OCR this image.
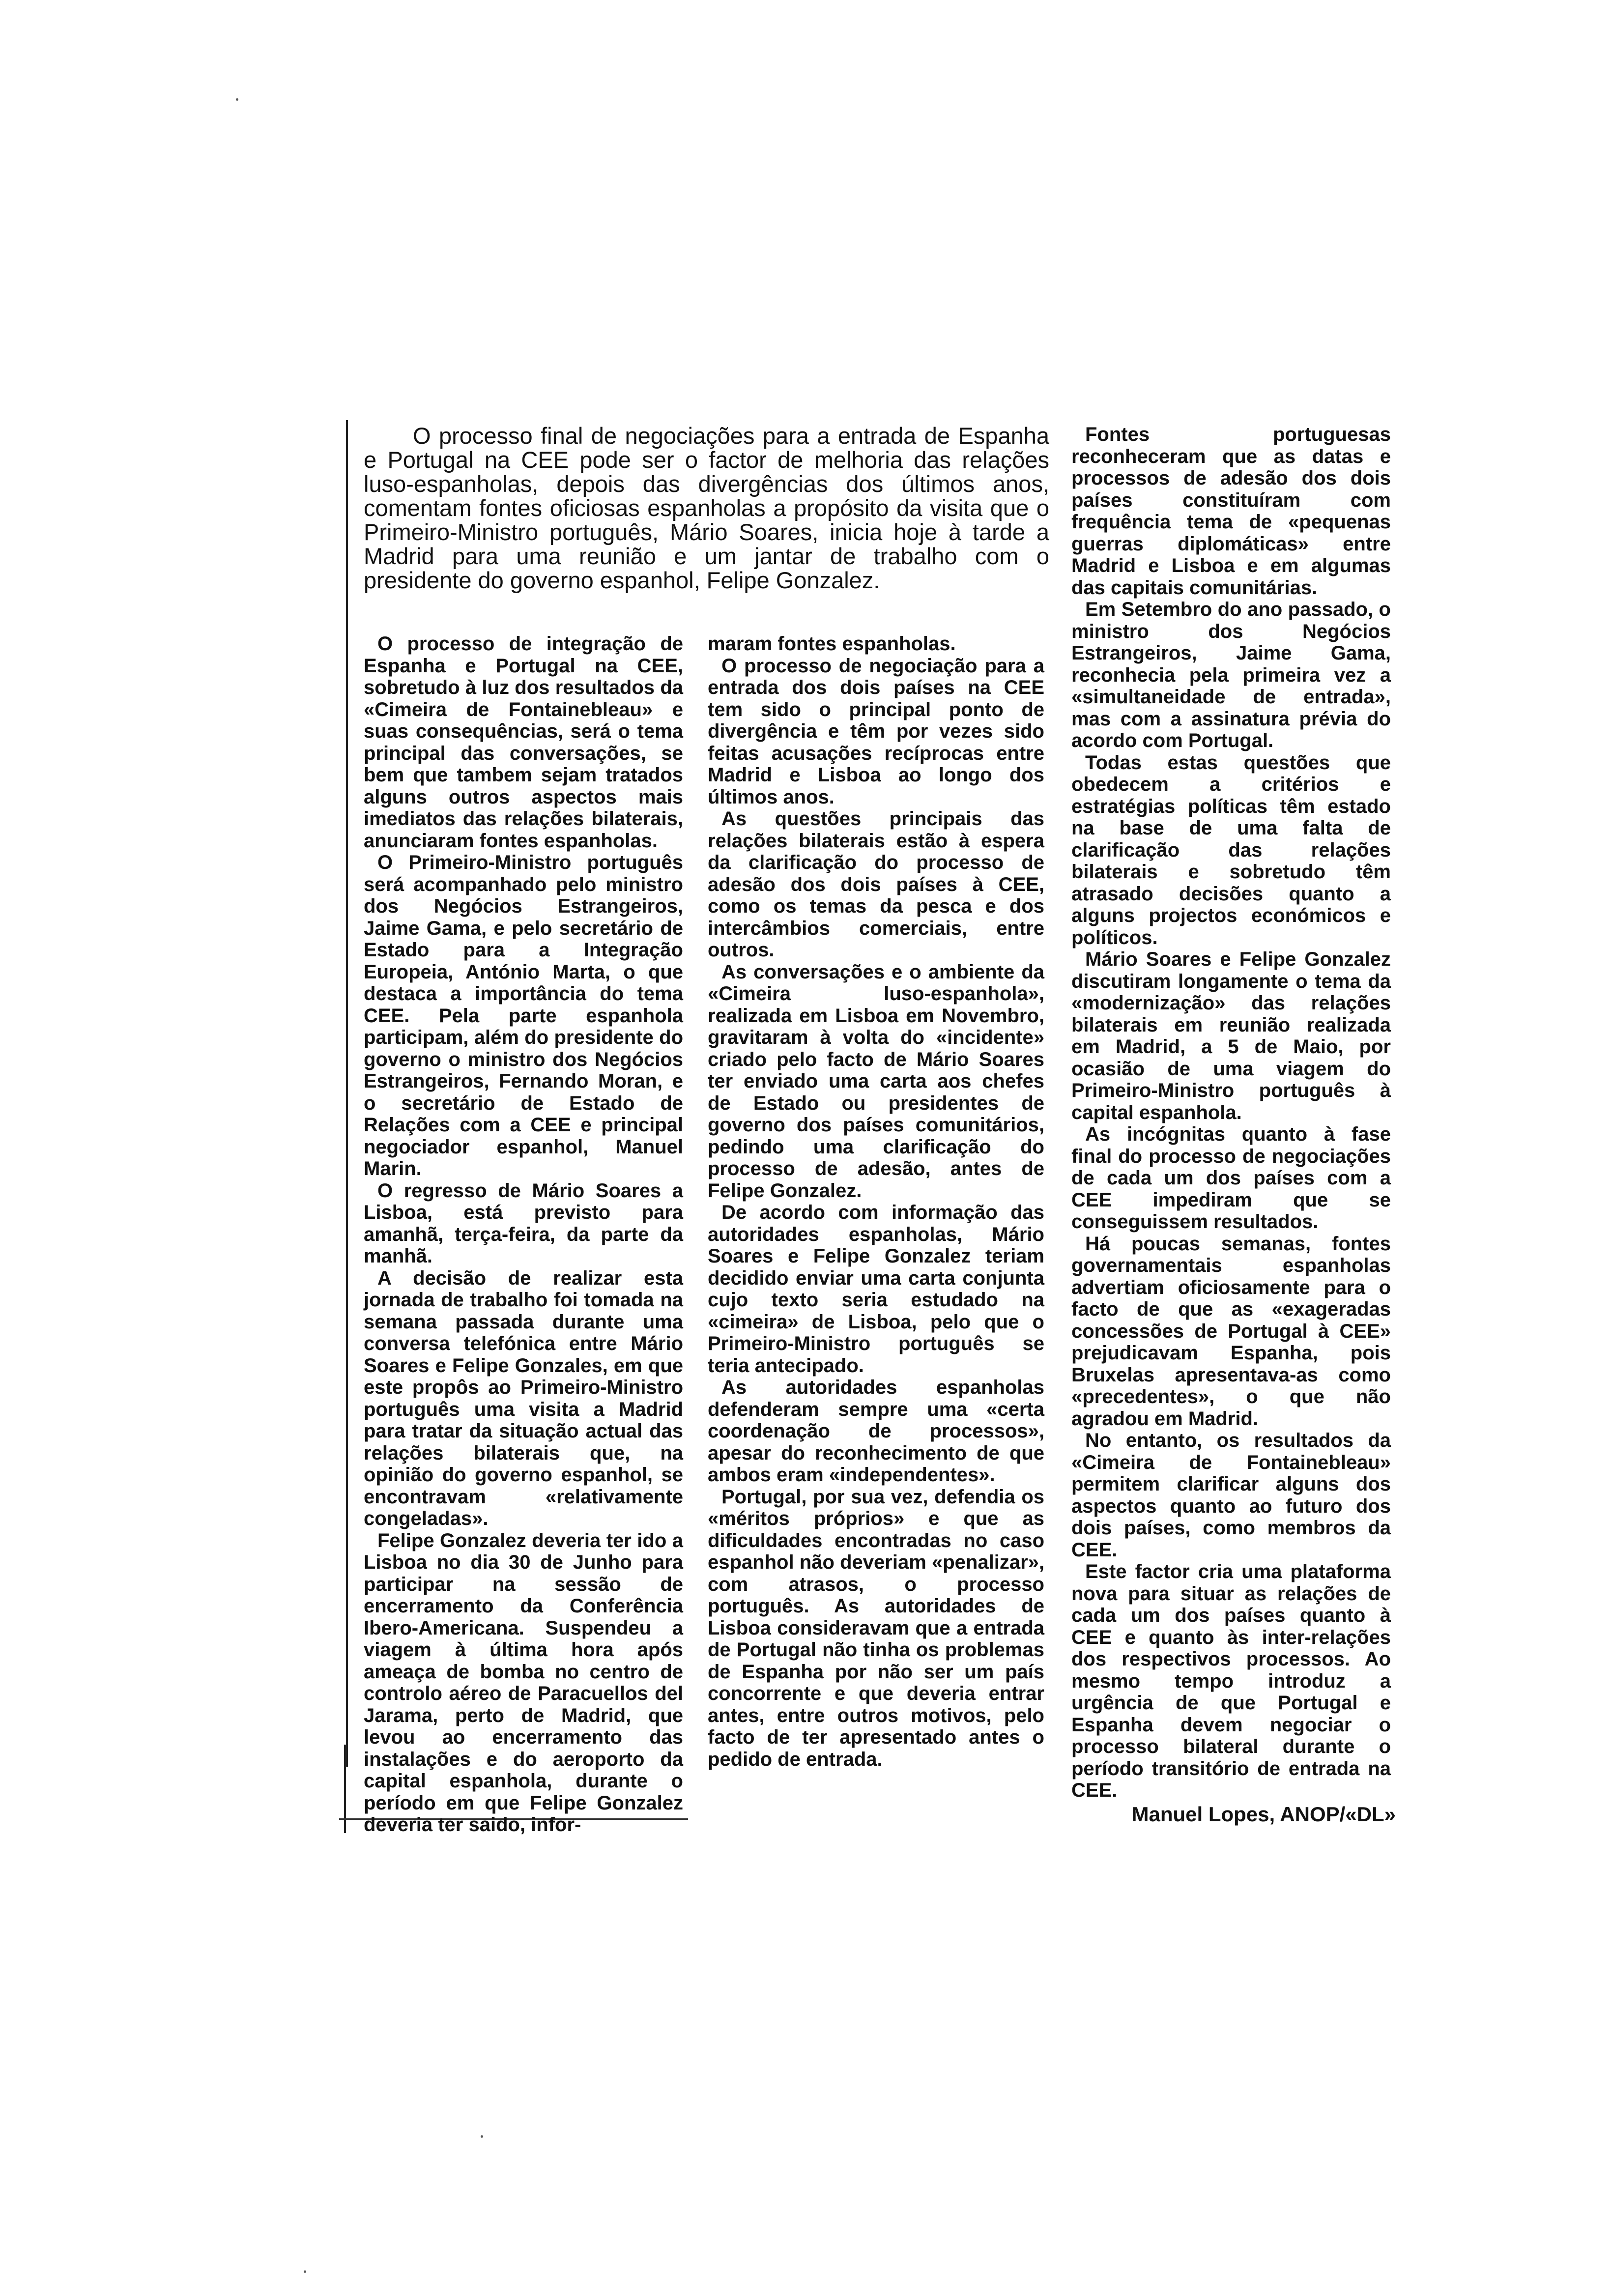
O processo final de negociações para a entrada de Espanha e Portugal na CEE pode ser o factor de melhoria das relações luso-espanholas, depois das divergências dos últimos anos, comentam fontes oficiosas espanholas a propósito da visita que o Primeiro-Ministro português, Mário Soares, inicia hoje à tarde a Madrid para uma reunião e um jantar de trabalho com o presidente do governo espanhol, Felipe Gonzalez.

O processo de integração de Espanha e Portugal na CEE, sobretudo à luz dos resultados da «Cimeira de Fontainebleau» e suas consequências, será o tema principal das conversações, se bem que tambem sejam tratados alguns outros aspectos mais imediatos das relações bilaterais, anunciaram fontes espanholas.

O Primeiro-Ministro português será acompanhado pelo ministro dos Negócios Estrangeiros, Jaime Gama, e pelo secretário de Estado para a Integração Europeia, António Marta, o que destaca a importância do tema CEE. Pela parte espanhola participam, além do presidente do governo o ministro dos Negócios Estrangeiros, Fernando Moran, e o secretário de Estado de Relações com a CEE e principal negociador espanhol, Manuel Marin.

O regresso de Mário Soares a Lisboa, está previsto para amanhã, terça-feira, da parte da manhã.

A decisão de realizar esta jornada de trabalho foi tomada na semana passada durante uma conversa telefónica entre Mário Soares e Felipe Gonzales, em que este propôs ao Primeiro-Ministro português uma visita a Madrid para tratar da situação actual das relações bilaterais que, na opinião do governo espanhol, se encontravam «relativamente congeladas».

Felipe Gonzalez deveria ter ido a Lisboa no dia 30 de Junho para participar na sessão de encerramento da Conferência Ibero-Americana. Suspendeu a viagem à última hora após ameaça de bomba no centro de controlo aéreo de Paracuellos del Jarama, perto de Madrid, que levou ao encerramento das instalações e do aeroporto da capital espanhola, durante o período em que Felipe Gonzalez deveria ter saido, infor-

maram fontes espanholas.

O processo de negociação para a entrada dos dois países na CEE tem sido o principal ponto de divergência e têm por vezes sido feitas acusações recíprocas entre Madrid e Lisboa ao longo dos últimos anos.

As questões principais das relações bilaterais estão à espera da clarificação do processo de adesão dos dois países à CEE, como os temas da pesca e dos intercâmbios comerciais, entre outros.

As conversações e o ambiente da «Cimeira luso-espanhola», realizada em Lisboa em Novembro, gravitaram à volta do «incidente» criado pelo facto de Mário Soares ter enviado uma carta aos chefes de Estado ou presidentes de governo dos países comunitários, pedindo uma clarificação do processo de adesão, antes de Felipe Gonzalez.

De acordo com informação das autoridades espanholas, Mário Soares e Felipe Gonzalez teriam decidido enviar uma carta conjunta cujo texto seria estudado na «cimeira» de Lisboa, pelo que o Primeiro-Ministro português se teria antecipado.

As autoridades espanholas defenderam sempre uma «certa coordenação de processos», apesar do reconhecimento de que ambos eram «independentes».

Portugal, por sua vez, defendia os «méritos próprios» e que as dificuldades encontradas no caso espanhol não deveriam «penalizar», com atrasos, o processo português. As autoridades de Lisboa consideravam que a entrada de Portugal não tinha os problemas de Espanha por não ser um país concorrente e que deveria entrar antes, entre outros motivos, pelo facto de ter apresentado antes o pedido de entrada.

Fontes portuguesas reconheceram que as datas e processos de adesão dos dois países constituíram com frequência tema de «pequenas guerras diplomáticas» entre Madrid e Lisboa e em algumas das capitais comunitárias.

Em Setembro do ano passado, o ministro dos Negócios Estrangeiros, Jaime Gama, reconhecia pela primeira vez a «simultaneidade de entrada», mas com a assinatura prévia do acordo com Portugal.

Todas estas questões que obedecem a critérios e estratégias políticas têm estado na base de uma falta de clarificação das relações bilaterais e sobretudo têm atrasado decisões quanto a alguns projectos económicos e políticos.

Mário Soares e Felipe Gonzalez discutiram longamente o tema da «modernização» das relações bilaterais em reunião realizada em Madrid, a 5 de Maio, por ocasião de uma viagem do Primeiro-Ministro português à capital espanhola.

As incógnitas quanto à fase final do processo de negociações de cada um dos países com a CEE impediram que se conseguissem resultados.

Há poucas semanas, fontes governamentais espanholas advertiam oficiosamente para o facto de que as «exageradas concessões de Portugal à CEE» prejudicavam Espanha, pois Bruxelas apresentava-as como «precedentes», o que não agradou em Madrid.

No entanto, os resultados da «Cimeira de Fontainebleau» permitem clarificar alguns dos aspectos quanto ao futuro dos dois países, como membros da CEE.

Este factor cria uma plataforma nova para situar as relações de cada um dos países quanto à CEE e quanto às inter-relações dos respectivos processos. Ao mesmo tempo introduz a urgência de que Portugal e Espanha devem negociar o processo bilateral durante o período transitório de entrada na CEE.

Manuel Lopes, ANOP/«DL»
